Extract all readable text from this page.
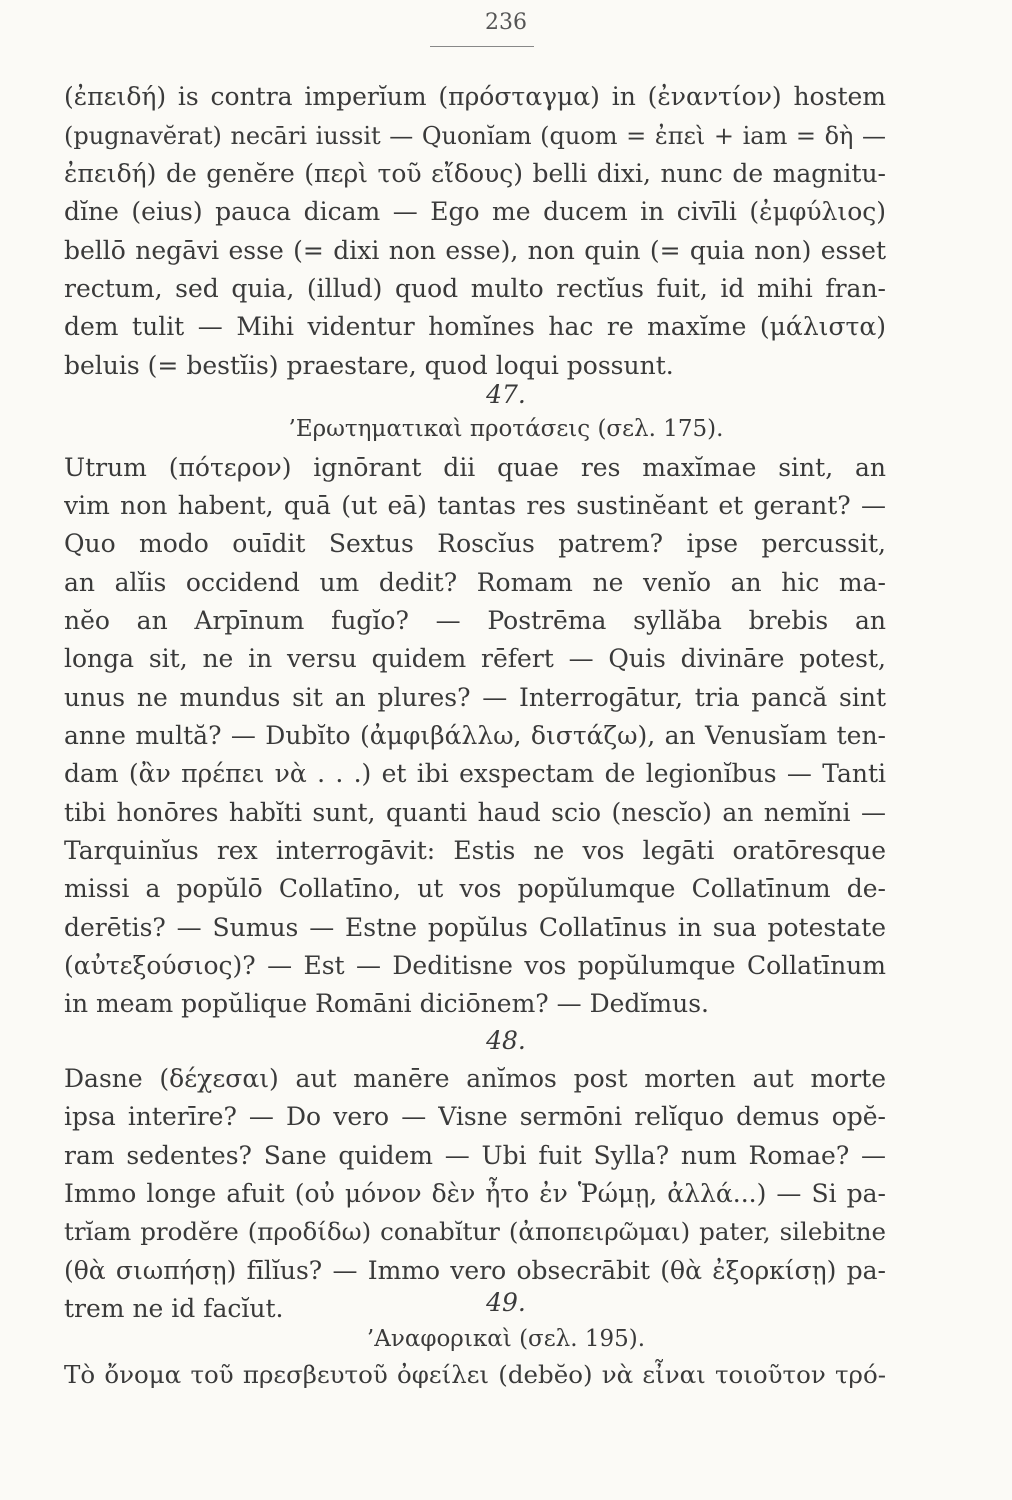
236
(ἐπειδή) is contra imperĭum (πρόσταγμα) in (ἐναντίον) hostem
(pugnavĕrat) necāri iussit — Quonĭam (quom = ἐπεὶ + iam = δὴ —
ἐπειδή) de genĕre (περὶ τοῦ εἴδους) belli dixi, nunc de magnitu-
dĭne (eius) pauca dicam — Ego me ducem in civīli (ἐμφύλιος)
bellō negāvi esse (= dixi non esse), non quin (= quia non) esset
rectum, sed quia, (illud) quod multo rectĭus fuit, id mihi fran-
dem tulit — Mihi videntur homĭnes hac re maxĭme (μάλιστα)
beluis (= bestĭis) praestare, quod loqui possunt.
47.
’Ερωτηματικαὶ προτάσεις (σελ. 175).
Utrum (πότερον) ignōrant dii quae res maxĭmae sint, an
vim non habent, quā (ut eā) tantas res sustinĕant et gerant? —
Quo modo ouīdit Sextus Roscĭus patrem? ipse percussit,
an alĭis occidend um dedit? Romam ne venĭo an hic ma-
nĕo an Arpīnum fugĭo? — Postrēma syllăba brebis an
longa sit, ne in versu quidem rēfert — Quis divināre potest,
unus ne mundus sit an plures? — Interrogātur, tria pancă sint
anne multă? — Dubĭto (ἀμφιβάλλω, διστάζω), an Venusĭam ten-
dam (ἂν πρέπει νὰ . . .) et ibi exspectam de legionĭbus — Tanti
tibi honōres habĭti sunt, quanti haud scio (nescĭo) an nemĭni —
Tarquinĭus rex interrogāvit: Estis ne vos legāti oratōresque
missi a popŭlō Collatīno, ut vos popŭlumque Collatīnum de-
derētis? — Sumus — Estne popŭlus Collatīnus in sua potestate
(αὐτεξούσιος)? — Est — Deditisne vos popŭlumque Collatīnum
in meam popŭlique Romāni diciōnem? — Dedĭmus.
48.
Dasne (δέχεσαι) aut manēre anĭmos post morten aut morte
ipsa interīre? — Do vero — Visne sermōni relĭquo demus opĕ-
ram sedentes? Sane quidem — Ubi fuit Sylla? num Romae? —
Immo longe afuit (οὐ μόνον δὲν ἦτο ἐν Ῥώμῃ, ἀλλά...) — Si pa-
trĭam prodĕre (προδίδω) conabĭtur (ἀποπειρῶμαι) pater, silebitne
(θὰ σιωπήσῃ) fīlĭus? — Immo vero obsecrābit (θὰ ἐξορκίσῃ) pa-
trem ne id facĭut.	49.
’Αναφορικαὶ (σελ. 195).
Τὸ ὄνομα τοῦ πρεσβευτοῦ ὀφείλει (debĕo) νὰ εἶναι τοιοῦτον τρό-
